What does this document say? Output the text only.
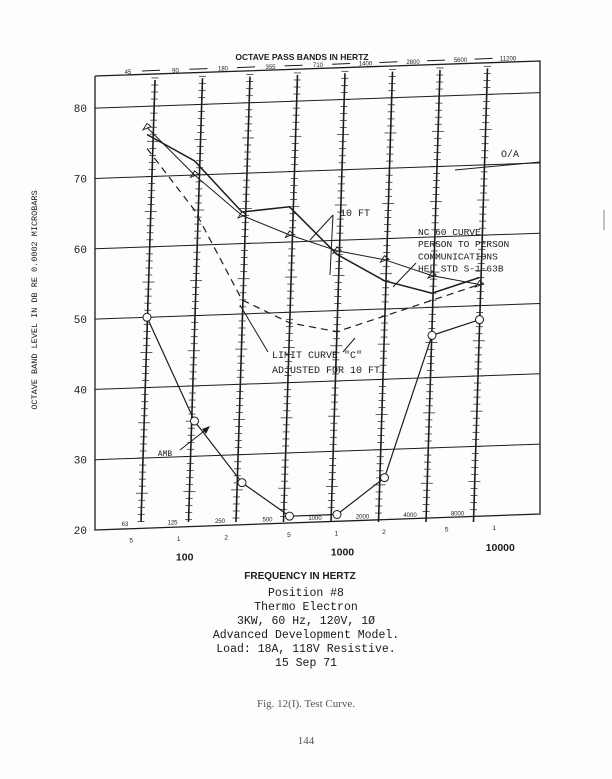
45	90	180	355	710	1400	2800	5600	11200
OCTAVE PASS BANDS IN HERTZ
20
30
40
50
60
70
80
OCTAVE BAND LEVEL IN DB RE 0.0002 MICROBARS
63	125	250	500	1000	2000	4000	8000
5	1	2	5	1	2	5	1
100	1000	10000
FREQUENCY IN HERTZ
O/A
10 FT
NC 60 CURVE
PERSON TO PERSON
COMMUNICATIONS
HEL STD S-1-63B
LIMIT CURVE "C"
ADJUSTED FOR 10 FT
AMB
Position #8
Thermo Electron
3KW, 60 Hz, 120V, 1Ø
Advanced Development Model.
Load: 18A, 118V Resistive.
15 Sep 71
Fig. 12(I). Test Curve.
144
